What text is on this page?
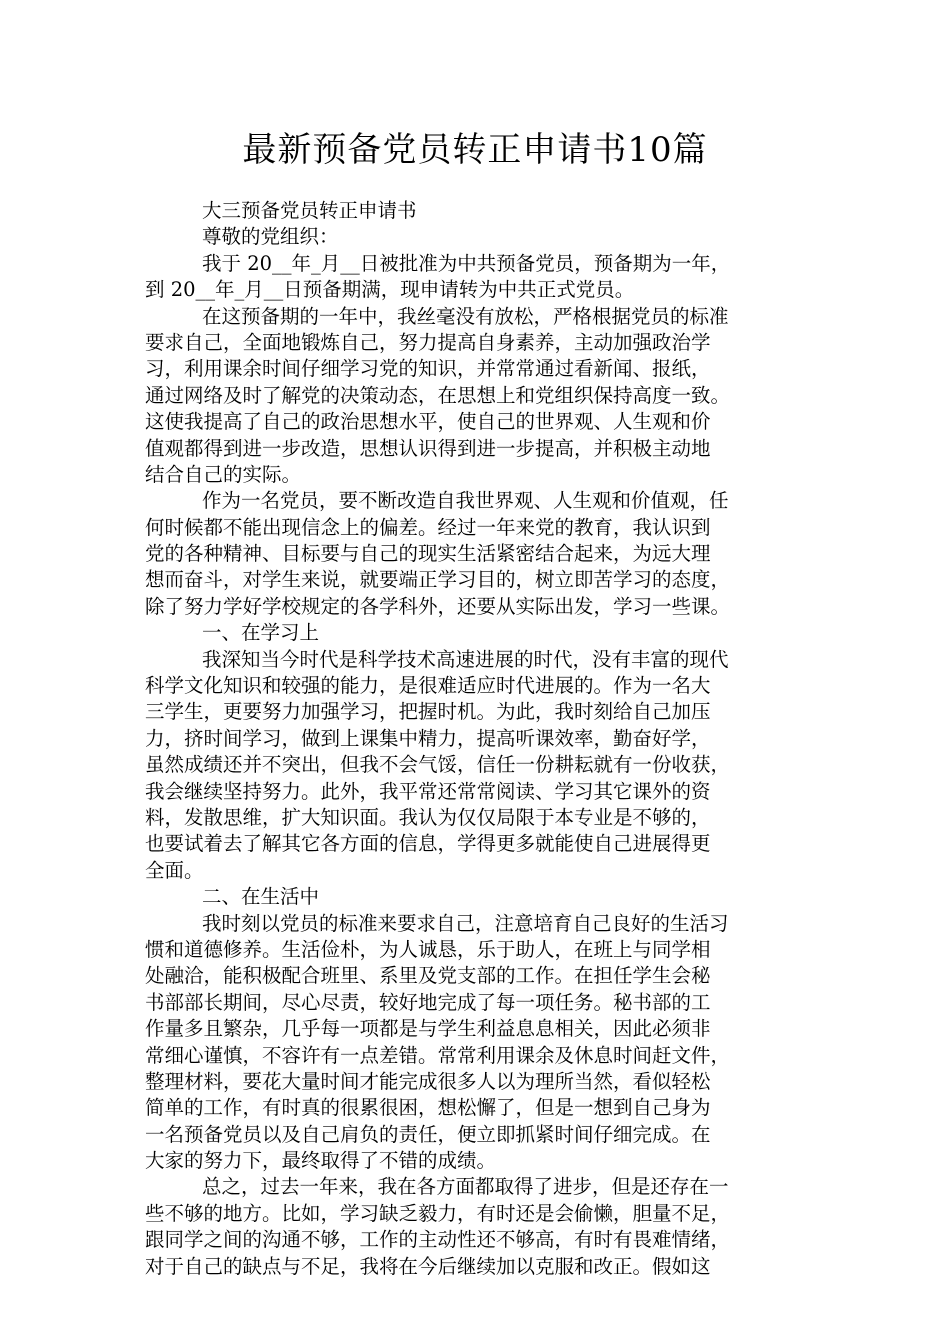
最新预备党员转正申请书10篇
大三预备党员转正申请书
尊敬的党组织：
我于 20__年_月__日被批准为中共预备党员，预备期为一年，
到 20__年_月__日预备期满，现申请转为中共正式党员。
在这预备期的一年中，我丝毫没有放松，严格根据党员的标准
要求自己，全面地锻炼自己，努力提高自身素养，主动加强政治学
习，利用课余时间仔细学习党的知识，并常常通过看新闻、报纸，
通过网络及时了解党的决策动态，在思想上和党组织保持高度一致。
这使我提高了自己的政治思想水平，使自己的世界观、人生观和价
值观都得到进一步改造，思想认识得到进一步提高，并积极主动地
结合自己的实际。
作为一名党员，要不断改造自我世界观、人生观和价值观，任
何时候都不能出现信念上的偏差。经过一年来党的教育，我认识到
党的各种精神、目标要与自己的现实生活紧密结合起来，为远大理
想而奋斗，对学生来说，就要端正学习目的，树立即苦学习的态度，
除了努力学好学校规定的各学科外，还要从实际出发，学习一些课。
一、在学习上
我深知当今时代是科学技术高速进展的时代，没有丰富的现代
科学文化知识和较强的能力，是很难适应时代进展的。作为一名大
三学生，更要努力加强学习，把握时机。为此，我时刻给自己加压
力，挤时间学习，做到上课集中精力，提高听课效率，勤奋好学，
虽然成绩还并不突出，但我不会气馁，信任一份耕耘就有一份收获，
我会继续坚持努力。此外，我平常还常常阅读、学习其它课外的资
料，发散思维，扩大知识面。我认为仅仅局限于本专业是不够的，
也要试着去了解其它各方面的信息，学得更多就能使自己进展得更
全面。
二、在生活中
我时刻以党员的标准来要求自己，注意培育自己良好的生活习
惯和道德修养。生活俭朴，为人诚恳，乐于助人，在班上与同学相
处融洽，能积极配合班里、系里及党支部的工作。在担任学生会秘
书部部长期间，尽心尽责，较好地完成了每一项任务。秘书部的工
作量多且繁杂，几乎每一项都是与学生利益息息相关，因此必须非
常细心谨慎，不容许有一点差错。常常利用课余及休息时间赶文件，
整理材料，要花大量时间才能完成很多人以为理所当然，看似轻松
简单的工作，有时真的很累很困，想松懈了，但是一想到自己身为
一名预备党员以及自己肩负的责任，便立即抓紧时间仔细完成。在
大家的努力下，最终取得了不错的成绩。
总之，过去一年来，我在各方面都取得了进步，但是还存在一
些不够的地方。比如，学习缺乏毅力，有时还是会偷懒，胆量不足，
跟同学之间的沟通不够，工作的主动性还不够高，有时有畏难情绪，
对于自己的缺点与不足，我将在今后继续加以克服和改正。假如这
